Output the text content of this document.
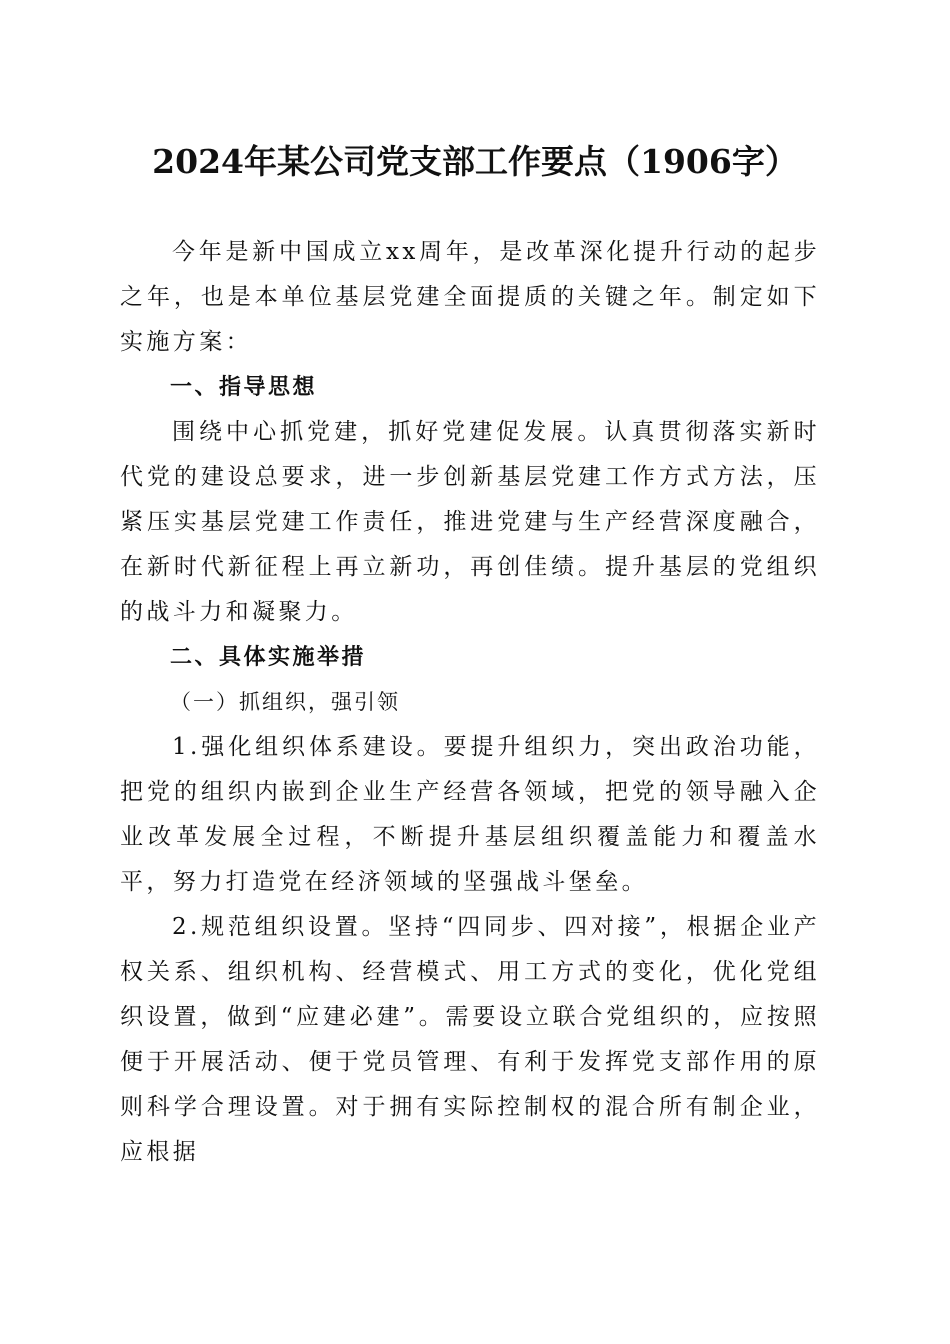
2024年某公司党支部工作要点（1906字）

今年是新中国成立xx周年，是改革深化提升行动的起步之年，也是本单位基层党建全面提质的关键之年。制定如下实施方案：

一、指导思想

围绕中心抓党建，抓好党建促发展。认真贯彻落实新时代党的建设总要求，进一步创新基层党建工作方式方法，压紧压实基层党建工作责任，推进党建与生产经营深度融合，在新时代新征程上再立新功，再创佳绩。提升基层的党组织的战斗力和凝聚力。

二、具体实施举措

（一）抓组织，强引领

1.强化组织体系建设。要提升组织力，突出政治功能，把党的组织内嵌到企业生产经营各领域，把党的领导融入企业改革发展全过程，不断提升基层组织覆盖能力和覆盖水平，努力打造党在经济领域的坚强战斗堡垒。

2.规范组织设置。坚持“四同步、四对接”，根据企业产权关系、组织机构、经营模式、用工方式的变化，优化党组织设置，做到“应建必建”。需要设立联合党组织的，应按照便于开展活动、便于党员管理、有利于发挥党支部作用的原则科学合理设置。对于拥有实际控制权的混合所有制企业，应根据
